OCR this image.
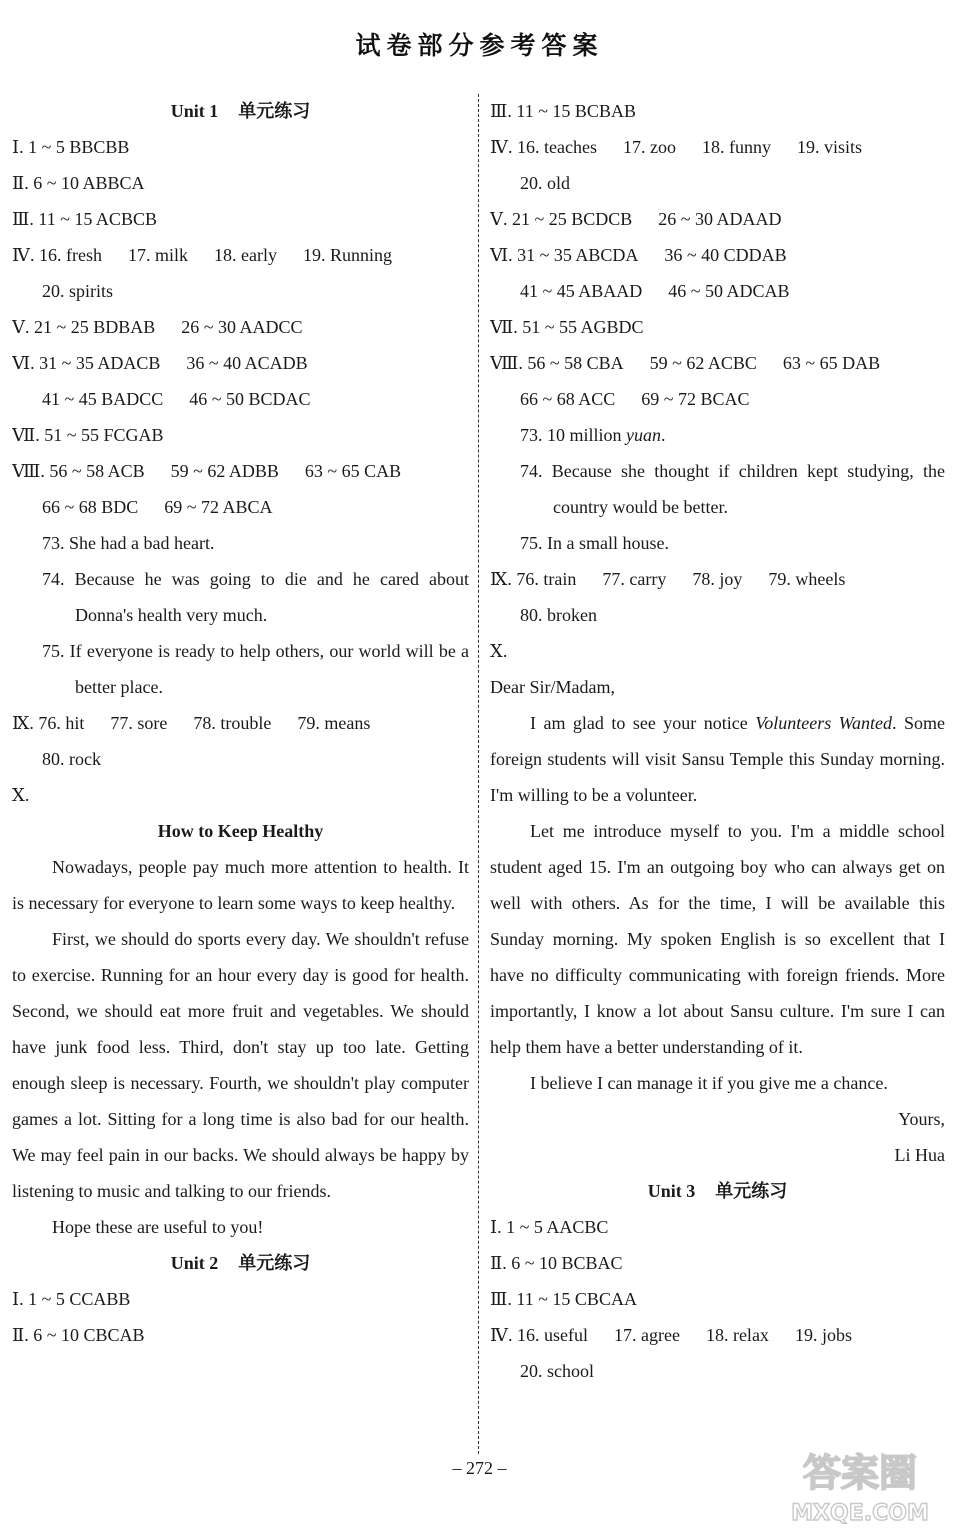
试卷部分参考答案
Unit 1 单元练习
Ⅰ. 1 ~ 5 BBCBB
Ⅱ. 6 ~ 10 ABBCA
Ⅲ. 11 ~ 15 ACBCB
Ⅳ. 16. fresh 17. milk 18. early 19. Running
20. spirits
Ⅴ. 21 ~ 25 BDBAB 26 ~ 30 AADCC
Ⅵ. 31 ~ 35 ADACB 36 ~ 40 ACADB
41 ~ 45 BADCC 46 ~ 50 BCDAC
Ⅶ. 51 ~ 55 FCGAB
Ⅷ. 56 ~ 58 ACB 59 ~ 62 ADBB 63 ~ 65 CAB
66 ~ 68 BDC 69 ~ 72 ABCA
73. She had a bad heart.
74. Because he was going to die and he cared about Donna's health very much.
75. If everyone is ready to help others, our world will be a better place.
Ⅸ. 76. hit 77. sore 78. trouble 79. means
80. rock
Ⅹ.
How to Keep Healthy
Nowadays, people pay much more attention to health. It is necessary for everyone to learn some ways to keep healthy.
First, we should do sports every day. We shouldn't refuse to exercise. Running for an hour every day is good for health. Second, we should eat more fruit and vegetables. We should have junk food less. Third, don't stay up too late. Getting enough sleep is necessary. Fourth, we shouldn't play computer games a lot. Sitting for a long time is also bad for our health. We may feel pain in our backs. We should always be happy by listening to music and talking to our friends.
Hope these are useful to you!
Unit 2 单元练习
Ⅰ. 1 ~ 5 CCABB
Ⅱ. 6 ~ 10 CBCAB
Ⅲ. 11 ~ 15 BCBAB
Ⅳ. 16. teaches 17. zoo 18. funny 19. visits
20. old
Ⅴ. 21 ~ 25 BCDCB 26 ~ 30 ADAAD
Ⅵ. 31 ~ 35 ABCDA 36 ~ 40 CDDAB
41 ~ 45 ABAAD 46 ~ 50 ADCAB
Ⅶ. 51 ~ 55 AGBDC
Ⅷ. 56 ~ 58 CBA 59 ~ 62 ACBC 63 ~ 65 DAB
66 ~ 68 ACC 69 ~ 72 BCAC
73. 10 million yuan.
74. Because she thought if children kept studying, the country would be better.
75. In a small house.
Ⅸ. 76. train 77. carry 78. joy 79. wheels
80. broken
Ⅹ.
Dear Sir/Madam,
I am glad to see your notice Volunteers Wanted. Some foreign students will visit Sansu Temple this Sunday morning. I'm willing to be a volunteer.
Let me introduce myself to you. I'm a middle school student aged 15. I'm an outgoing boy who can always get on well with others. As for the time, I will be available this Sunday morning. My spoken English is so excellent that I have no difficulty communicating with foreign friends. More importantly, I know a lot about Sansu culture. I'm sure I can help them have a better understanding of it.
I believe I can manage it if you give me a chance.
Yours,
Li Hua
Unit 3 单元练习
Ⅰ. 1 ~ 5 AACBC
Ⅱ. 6 ~ 10 BCBAC
Ⅲ. 11 ~ 15 CBCAA
Ⅳ. 16. useful 17. agree 18. relax 19. jobs
20. school
– 272 –	答案圈
MXQE.COM
